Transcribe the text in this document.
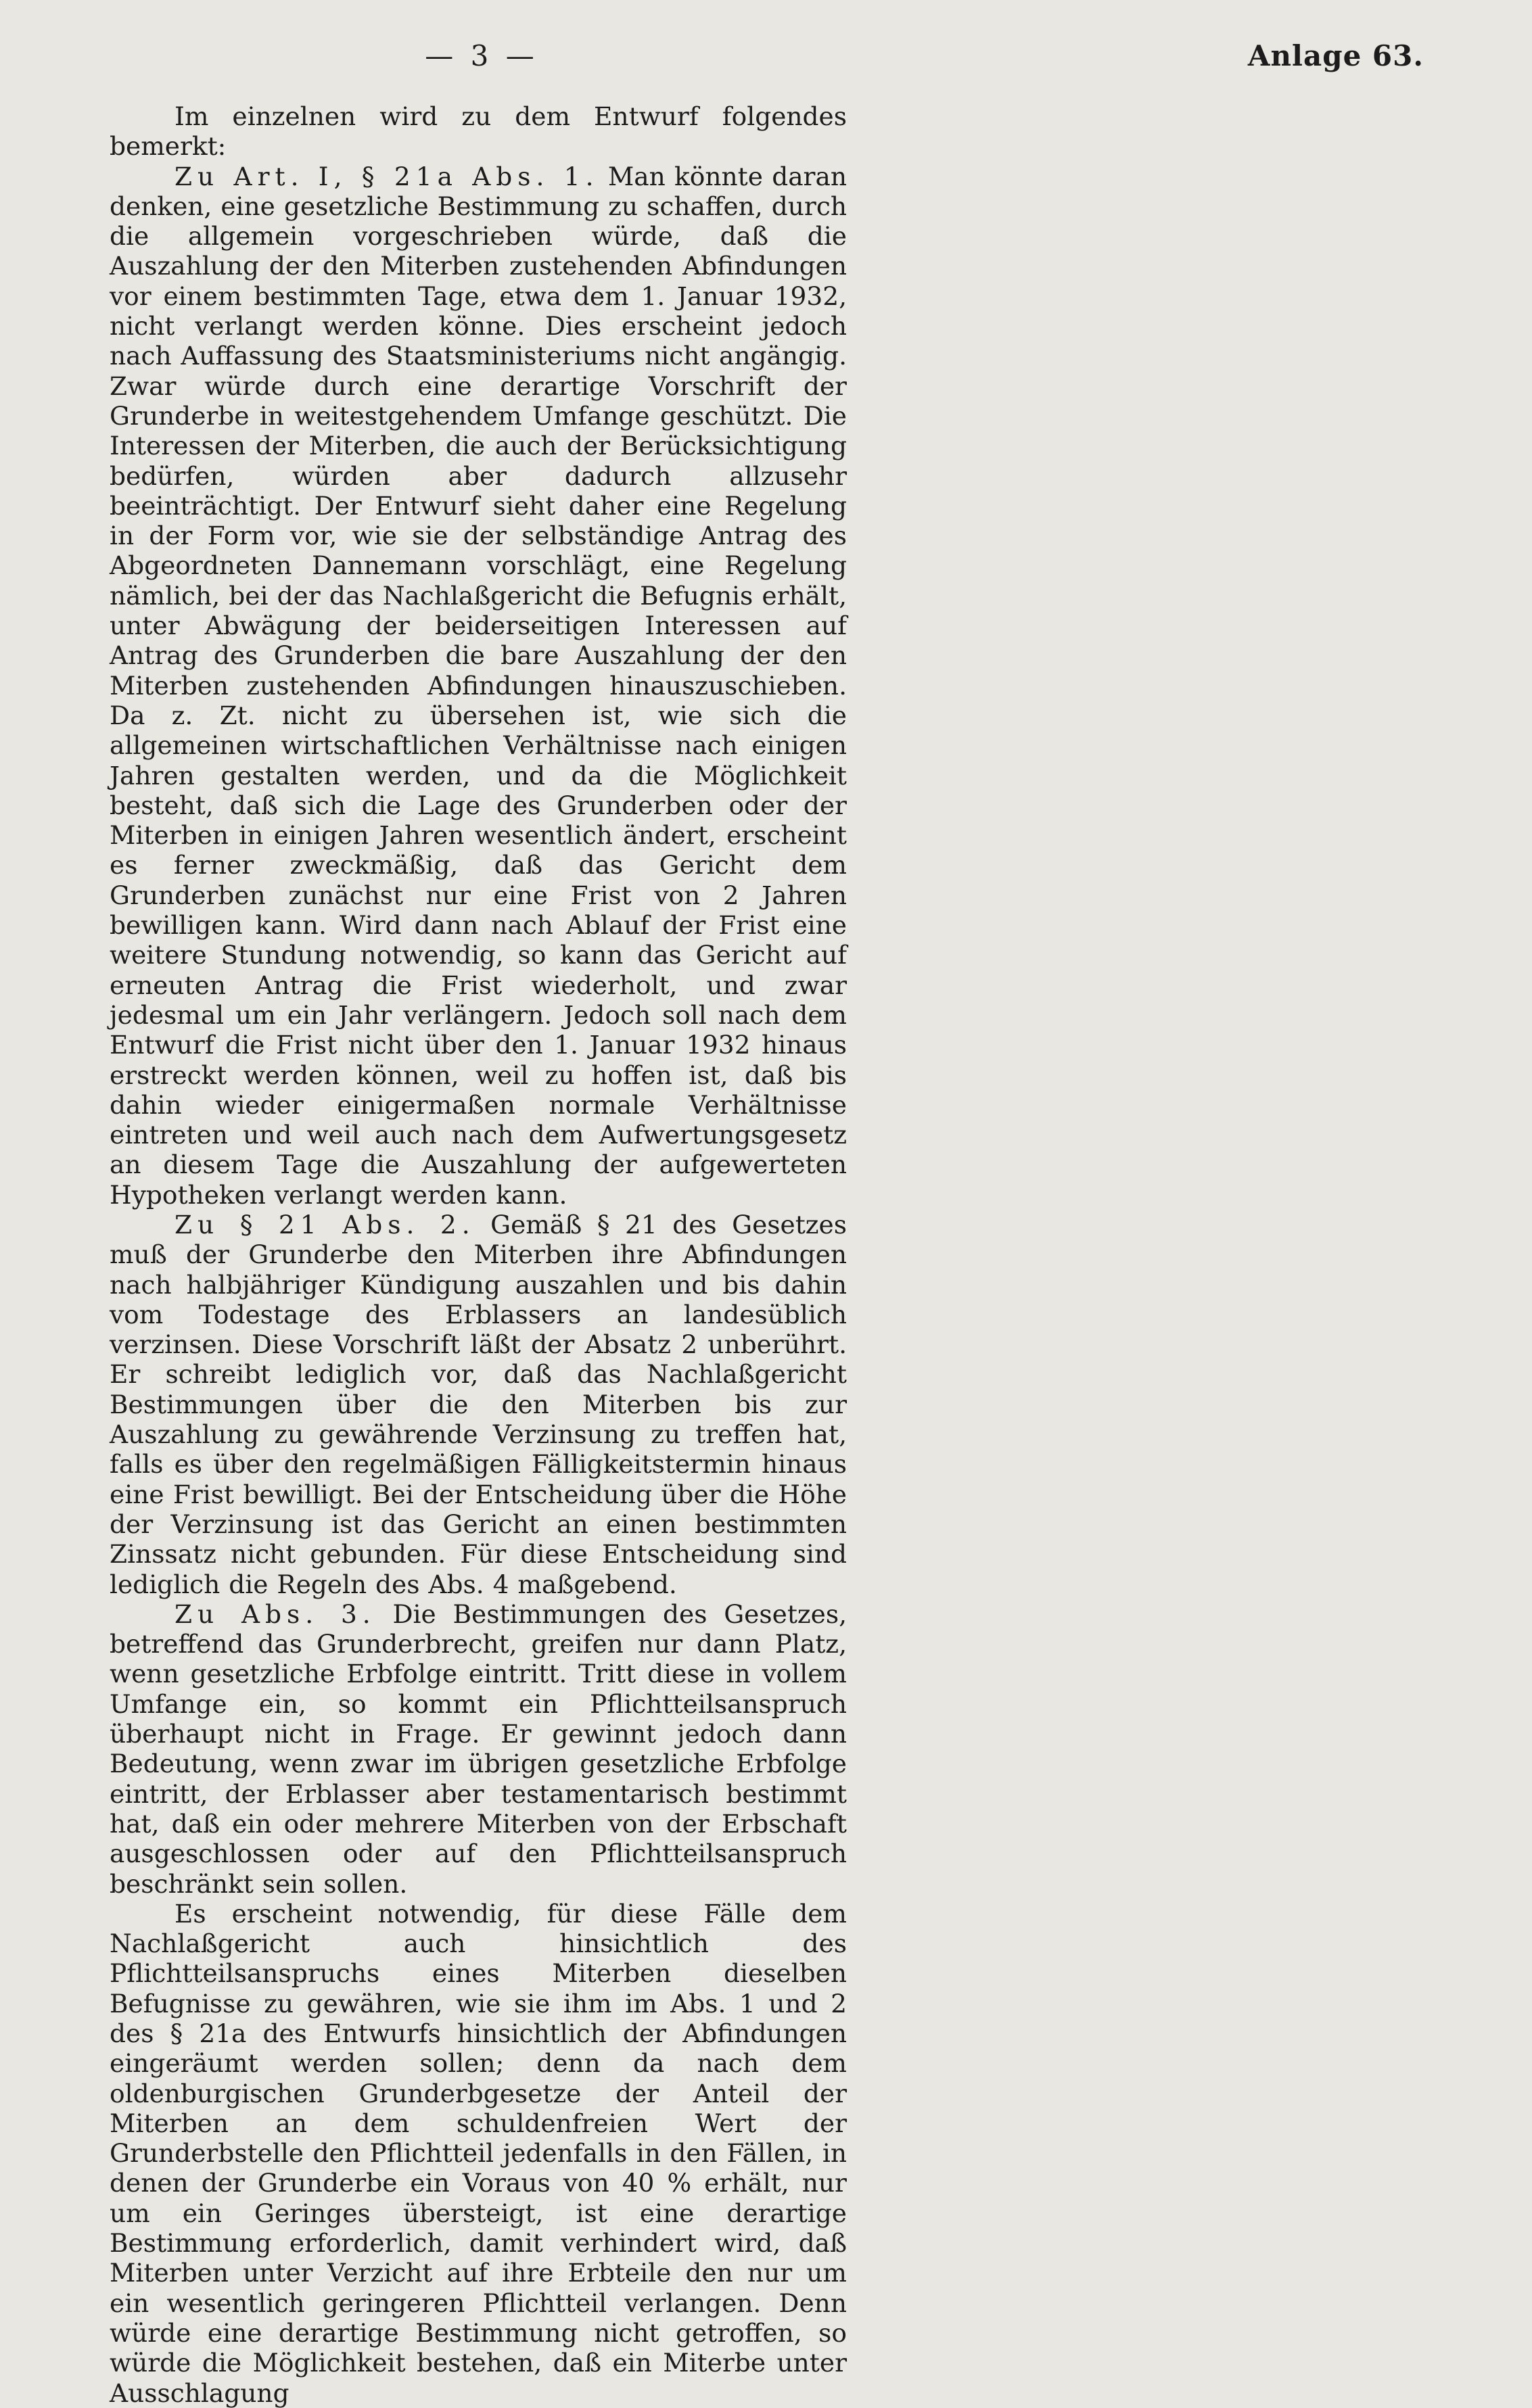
— 3 —	Anlage 63.

Im einzelnen wird zu dem Entwurf folgendes bemerkt:

Zu Art. I, § 21a Abs. 1. Man könnte daran denken, eine gesetzliche Bestimmung zu schaffen, durch die allgemein vorgeschrieben würde, daß die Auszahlung der den Miterben zustehenden Abfindungen vor einem bestimmten Tage, etwa dem 1. Januar 1932, nicht verlangt werden könne. Dies erscheint jedoch nach Auffassung des Staatsministeriums nicht angängig. Zwar würde durch eine derartige Vorschrift der Grunderbe in weitestgehendem Umfange geschützt. Die Interessen der Miterben, die auch der Berücksichtigung bedürfen, würden aber dadurch allzusehr beeinträchtigt. Der Entwurf sieht daher eine Regelung in der Form vor, wie sie der selbständige Antrag des Abgeordneten Dannemann vorschlägt, eine Regelung nämlich, bei der das Nachlaßgericht die Befugnis erhält, unter Abwägung der beiderseitigen Interessen auf Antrag des Grunderben die bare Auszahlung der den Miterben zustehenden Abfindungen hinauszuschieben. Da z. Zt. nicht zu übersehen ist, wie sich die allgemeinen wirtschaftlichen Verhältnisse nach einigen Jahren gestalten werden, und da die Möglichkeit besteht, daß sich die Lage des Grunderben oder der Miterben in einigen Jahren wesentlich ändert, erscheint es ferner zweckmäßig, daß das Gericht dem Grunderben zunächst nur eine Frist von 2 Jahren bewilligen kann. Wird dann nach Ablauf der Frist eine weitere Stundung notwendig, so kann das Gericht auf erneuten Antrag die Frist wiederholt, und zwar jedesmal um ein Jahr verlängern. Jedoch soll nach dem Entwurf die Frist nicht über den 1. Januar 1932 hinaus erstreckt werden können, weil zu hoffen ist, daß bis dahin wieder einigermaßen normale Verhältnisse eintreten und weil auch nach dem Aufwertungsgesetz an diesem Tage die Auszahlung der aufgewerteten Hypotheken verlangt werden kann.

Zu § 21 Abs. 2. Gemäß § 21 des Gesetzes muß der Grunderbe den Miterben ihre Abfindungen nach halbjähriger Kündigung auszahlen und bis dahin vom Todestage des Erblassers an landesüblich verzinsen. Diese Vorschrift läßt der Absatz 2 unberührt. Er schreibt lediglich vor, daß das Nachlaßgericht Bestimmungen über die den Miterben bis zur Auszahlung zu gewährende Verzinsung zu treffen hat, falls es über den regelmäßigen Fälligkeitstermin hinaus eine Frist bewilligt. Bei der Entscheidung über die Höhe der Verzinsung ist das Gericht an einen bestimmten Zinssatz nicht gebunden. Für diese Entscheidung sind lediglich die Regeln des Abs. 4 maßgebend.

Zu Abs. 3. Die Bestimmungen des Gesetzes, betreffend das Grunderbrecht, greifen nur dann Platz, wenn gesetzliche Erbfolge eintritt. Tritt diese in vollem Umfange ein, so kommt ein Pflichtteilsanspruch überhaupt nicht in Frage. Er gewinnt jedoch dann Bedeutung, wenn zwar im übrigen gesetzliche Erbfolge eintritt, der Erblasser aber testamentarisch bestimmt hat, daß ein oder mehrere Miterben von der Erbschaft ausgeschlossen oder auf den Pflichtteilsanspruch beschränkt sein sollen.

Es erscheint notwendig, für diese Fälle dem Nachlaßgericht auch hinsichtlich des Pflichtteilsanspruchs eines Miterben dieselben Befugnisse zu gewähren, wie sie ihm im Abs. 1 und 2 des § 21a des Entwurfs hinsichtlich der Abfindungen eingeräumt werden sollen; denn da nach dem oldenburgischen Grunderbgesetze der Anteil der Miterben an dem schuldenfreien Wert der Grunderbstelle den Pflichtteil jedenfalls in den Fällen, in denen der Grunderbe ein Voraus von 40 % erhält, nur um ein Geringes übersteigt, ist eine derartige Bestimmung erforderlich, damit verhindert wird, daß Miterben unter Verzicht auf ihre Erbteile den nur um ein wesentlich geringeren Pflichtteil verlangen. Denn würde eine derartige Bestimmung nicht getroffen, so würde die Möglichkeit bestehen, daß ein Miterbe unter Ausschlagung
